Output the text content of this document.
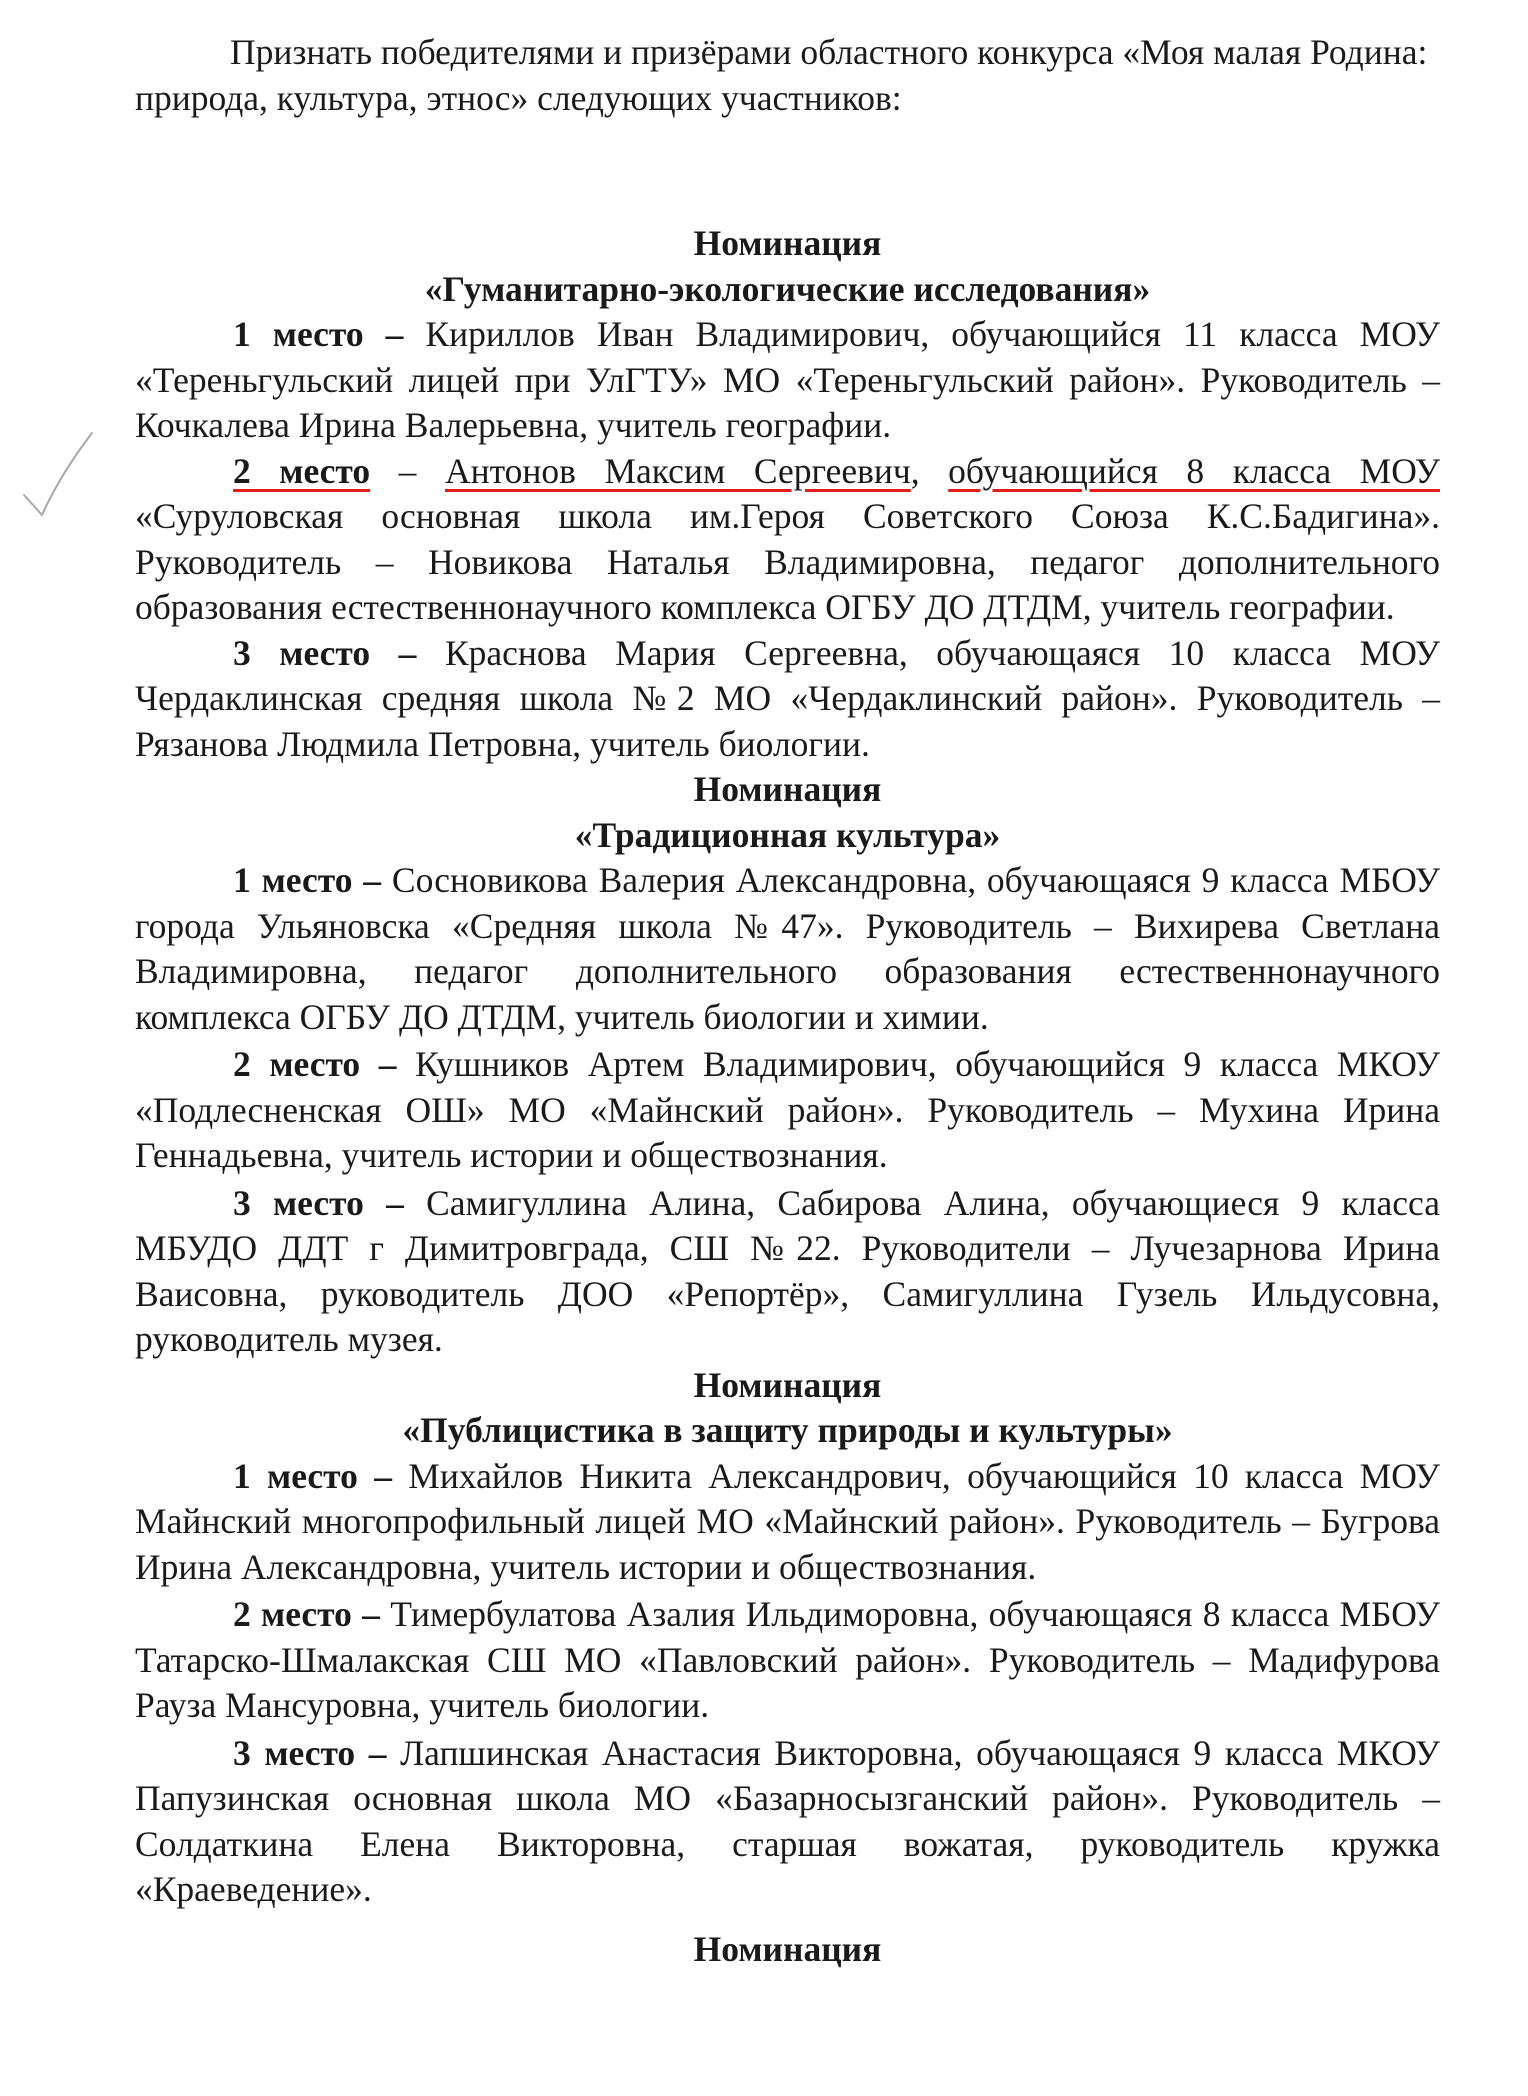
Признать победителями и призёрами областного конкурса «Моя малая Родина: природа, культура, этнос» следующих участников:

Номинация
«Гуманитарно-экологические исследования»

1 место – Кириллов Иван Владимирович, обучающийся 11 класса МОУ «Тереньгульский лицей при УлГТУ» МО «Тереньгульский район». Руководитель – Кочкалева Ирина Валерьевна, учитель географии.

2 место – Антонов Максим Сергеевич, обучающийся 8 класса МОУ «Суруловская основная школа им.Героя Советского Союза К.С.Бадигина». Руководитель – Новикова Наталья Владимировна, педагог дополнительного образования естественнонаучного комплекса ОГБУ ДО ДТДМ, учитель географии.

3 место – Краснова Мария Сергеевна, обучающаяся 10 класса МОУ Чердаклинская средняя школа №2 МО «Чердаклинский район». Руководитель – Рязанова Людмила Петровна, учитель биологии.

Номинация
«Традиционная культура»

1 место – Сосновикова Валерия Александровна, обучающаяся 9 класса МБОУ города Ульяновска «Средняя школа №47». Руководитель – Вихирева Светлана Владимировна, педагог дополнительного образования естественнонаучного комплекса ОГБУ ДО ДТДМ, учитель биологии и химии.

2 место – Кушников Артем Владимирович, обучающийся 9 класса МКОУ «Подлесненская ОШ» МО «Майнский район». Руководитель – Мухина Ирина Геннадьевна, учитель истории и обществознания.

3 место – Самигуллина Алина, Сабирова Алина, обучающиеся 9 класса МБУДО ДДТ г Димитровграда, СШ №22. Руководители – Лучезарнова Ирина Ваисовна, руководитель ДОО «Репортёр», Самигуллина Гузель Ильдусовна, руководитель музея.

Номинация
«Публицистика в защиту природы и культуры»

1 место – Михайлов Никита Александрович, обучающийся 10 класса МОУ Майнский многопрофильный лицей МО «Майнский район». Руководитель – Бугрова Ирина Александровна, учитель истории и обществознания.

2 место – Тимербулатова Азалия Ильдиморовна, обучающаяся 8 класса МБОУ Татарско-Шмалакская СШ МО «Павловский район». Руководитель – Мадифурова Рауза Мансуровна, учитель биологии.

3 место – Лапшинская Анастасия Викторовна, обучающаяся 9 класса МКОУ Папузинская основная школа МО «Базарносызганский район». Руководитель – Солдаткина Елена Викторовна, старшая вожатая, руководитель кружка «Краеведение».

Номинация
